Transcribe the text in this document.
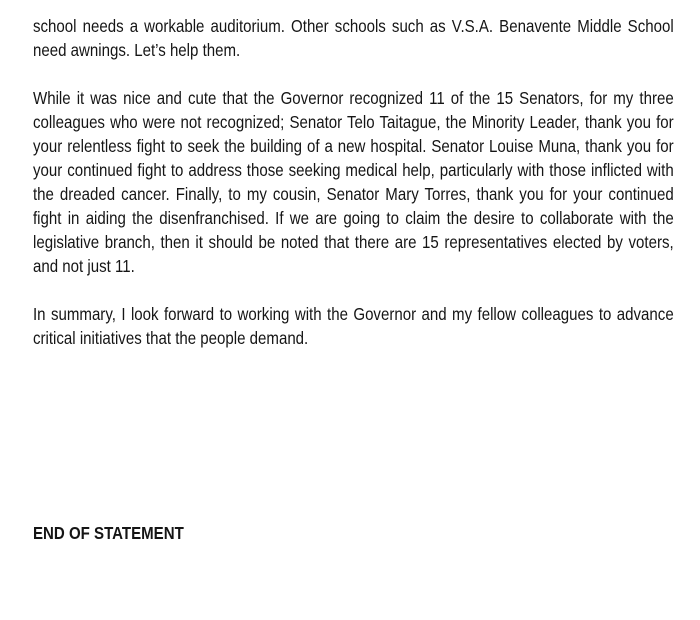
school needs a workable auditorium. Other schools such as V.S.A. Benavente Middle School need awnings. Let’s help them.

While it was nice and cute that the Governor recognized 11 of the 15 Senators, for my three colleagues who were not recognized; Senator Telo Taitague, the Minority Leader, thank you for your relentless fight to seek the building of a new hospital. Senator Louise Muna, thank you for your continued fight to address those seeking medical help, particularly with those inflicted with the dreaded cancer. Finally, to my cousin, Senator Mary Torres, thank you for your continued fight in aiding the disenfranchised. If we are going to claim the desire to collaborate with the legislative branch, then it should be noted that there are 15 representatives elected by voters, and not just 11.

In summary, I look forward to working with the Governor and my fellow colleagues to advance critical initiatives that the people demand.

END OF STATEMENT
